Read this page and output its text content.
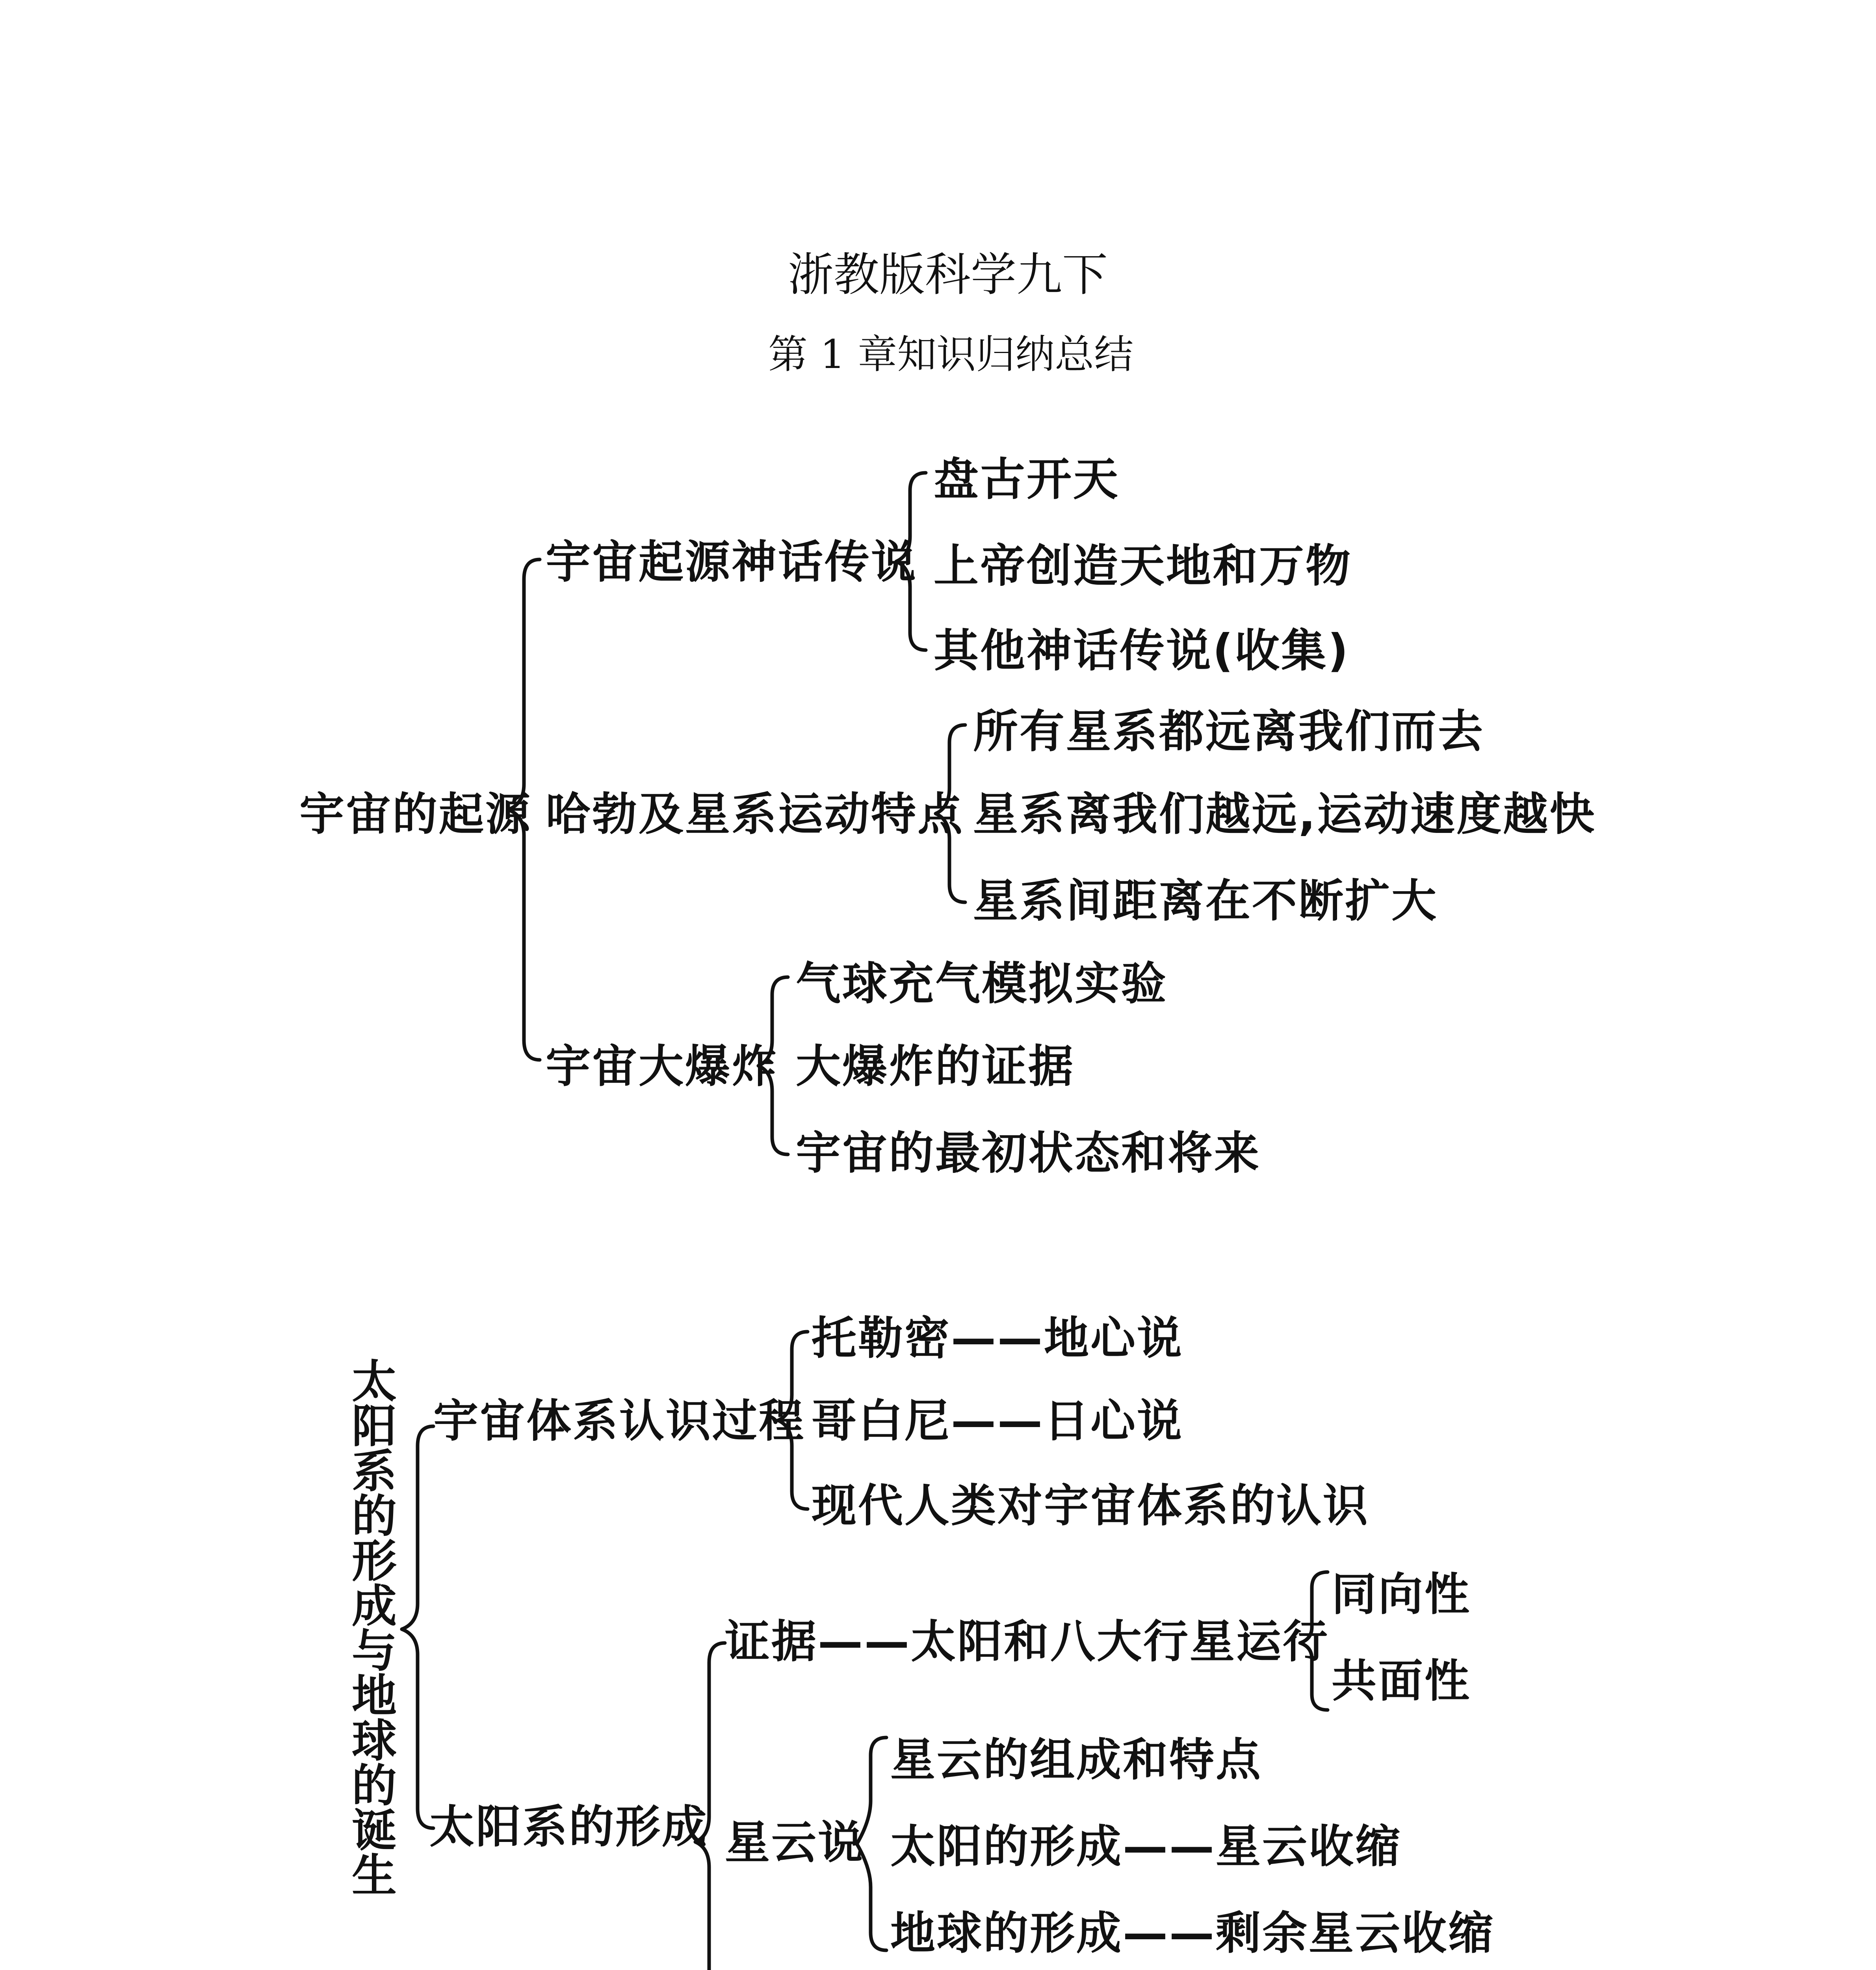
浙教版科学九下
第 1 章知识归纳总结
宇宙的起源
宇宙起源神话传说
盘古开天
上帝创造天地和万物
其他神话传说(收集)
哈勃及星系运动特点
所有星系都远离我们而去
星系离我们越远,运动速度越快
星系间距离在不断扩大
宇宙大爆炸
气球充气模拟实验
大爆炸的证据
宇宙的最初状态和将来
太阳系的形成与地球的诞生
宇宙体系认识过程
托勒密——地心说
哥白尼——日心说
现代人类对宇宙体系的认识
太阳系的形成
证据——太阳和八大行星运行
同向性
共面性
星云说
星云的组成和特点
太阳的形成——星云收缩
地球的形成——剩余星云收缩
